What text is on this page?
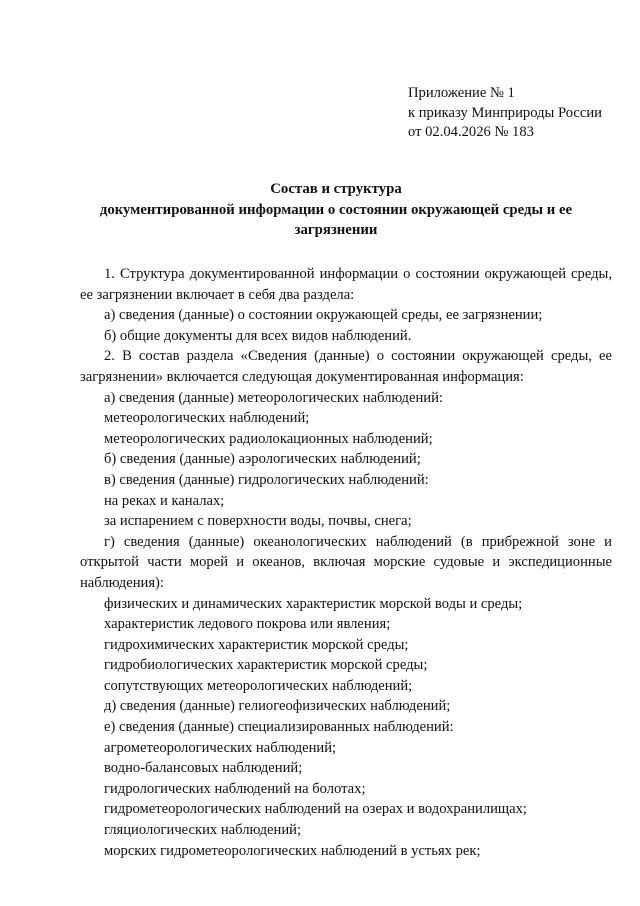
Приложение № 1
к приказу Минприроды России
от 02.04.2026 № 183
Состав и структура
документированной информации о состоянии окружающей среды и ее
загрязнении

1. Структура документированной информации о состоянии окружающей среды, ее загрязнении включает в себя два раздела:

а) сведения (данные) о состоянии окружающей среды, ее загрязнении;

б) общие документы для всех видов наблюдений.

2. В состав раздела «Сведения (данные) о состоянии окружающей среды, ее загрязнении» включается следующая документированная информация:

а) сведения (данные) метеорологических наблюдений:

метеорологических наблюдений;

метеорологических радиолокационных наблюдений;

б) сведения (данные) аэрологических наблюдений;

в) сведения (данные) гидрологических наблюдений:

на реках и каналах;

за испарением с поверхности воды, почвы, снега;

г) сведения (данные) океанологических наблюдений (в прибрежной зоне и открытой части морей и океанов, включая морские судовые и экспедиционные наблюдения):

физических и динамических характеристик морской воды и среды;

характеристик ледового покрова или явления;

гидрохимических характеристик морской среды;

гидробиологических характеристик морской среды;

сопутствующих метеорологических наблюдений;

д) сведения (данные) гелиогеофизических наблюдений;

е) сведения (данные) специализированных наблюдений:

агрометеорологических наблюдений;

водно-балансовых наблюдений;

гидрологических наблюдений на болотах;

гидрометеорологических наблюдений на озерах и водохранилищах;

гляциологических наблюдений;

морских гидрометеорологических наблюдений в устьях рек;
